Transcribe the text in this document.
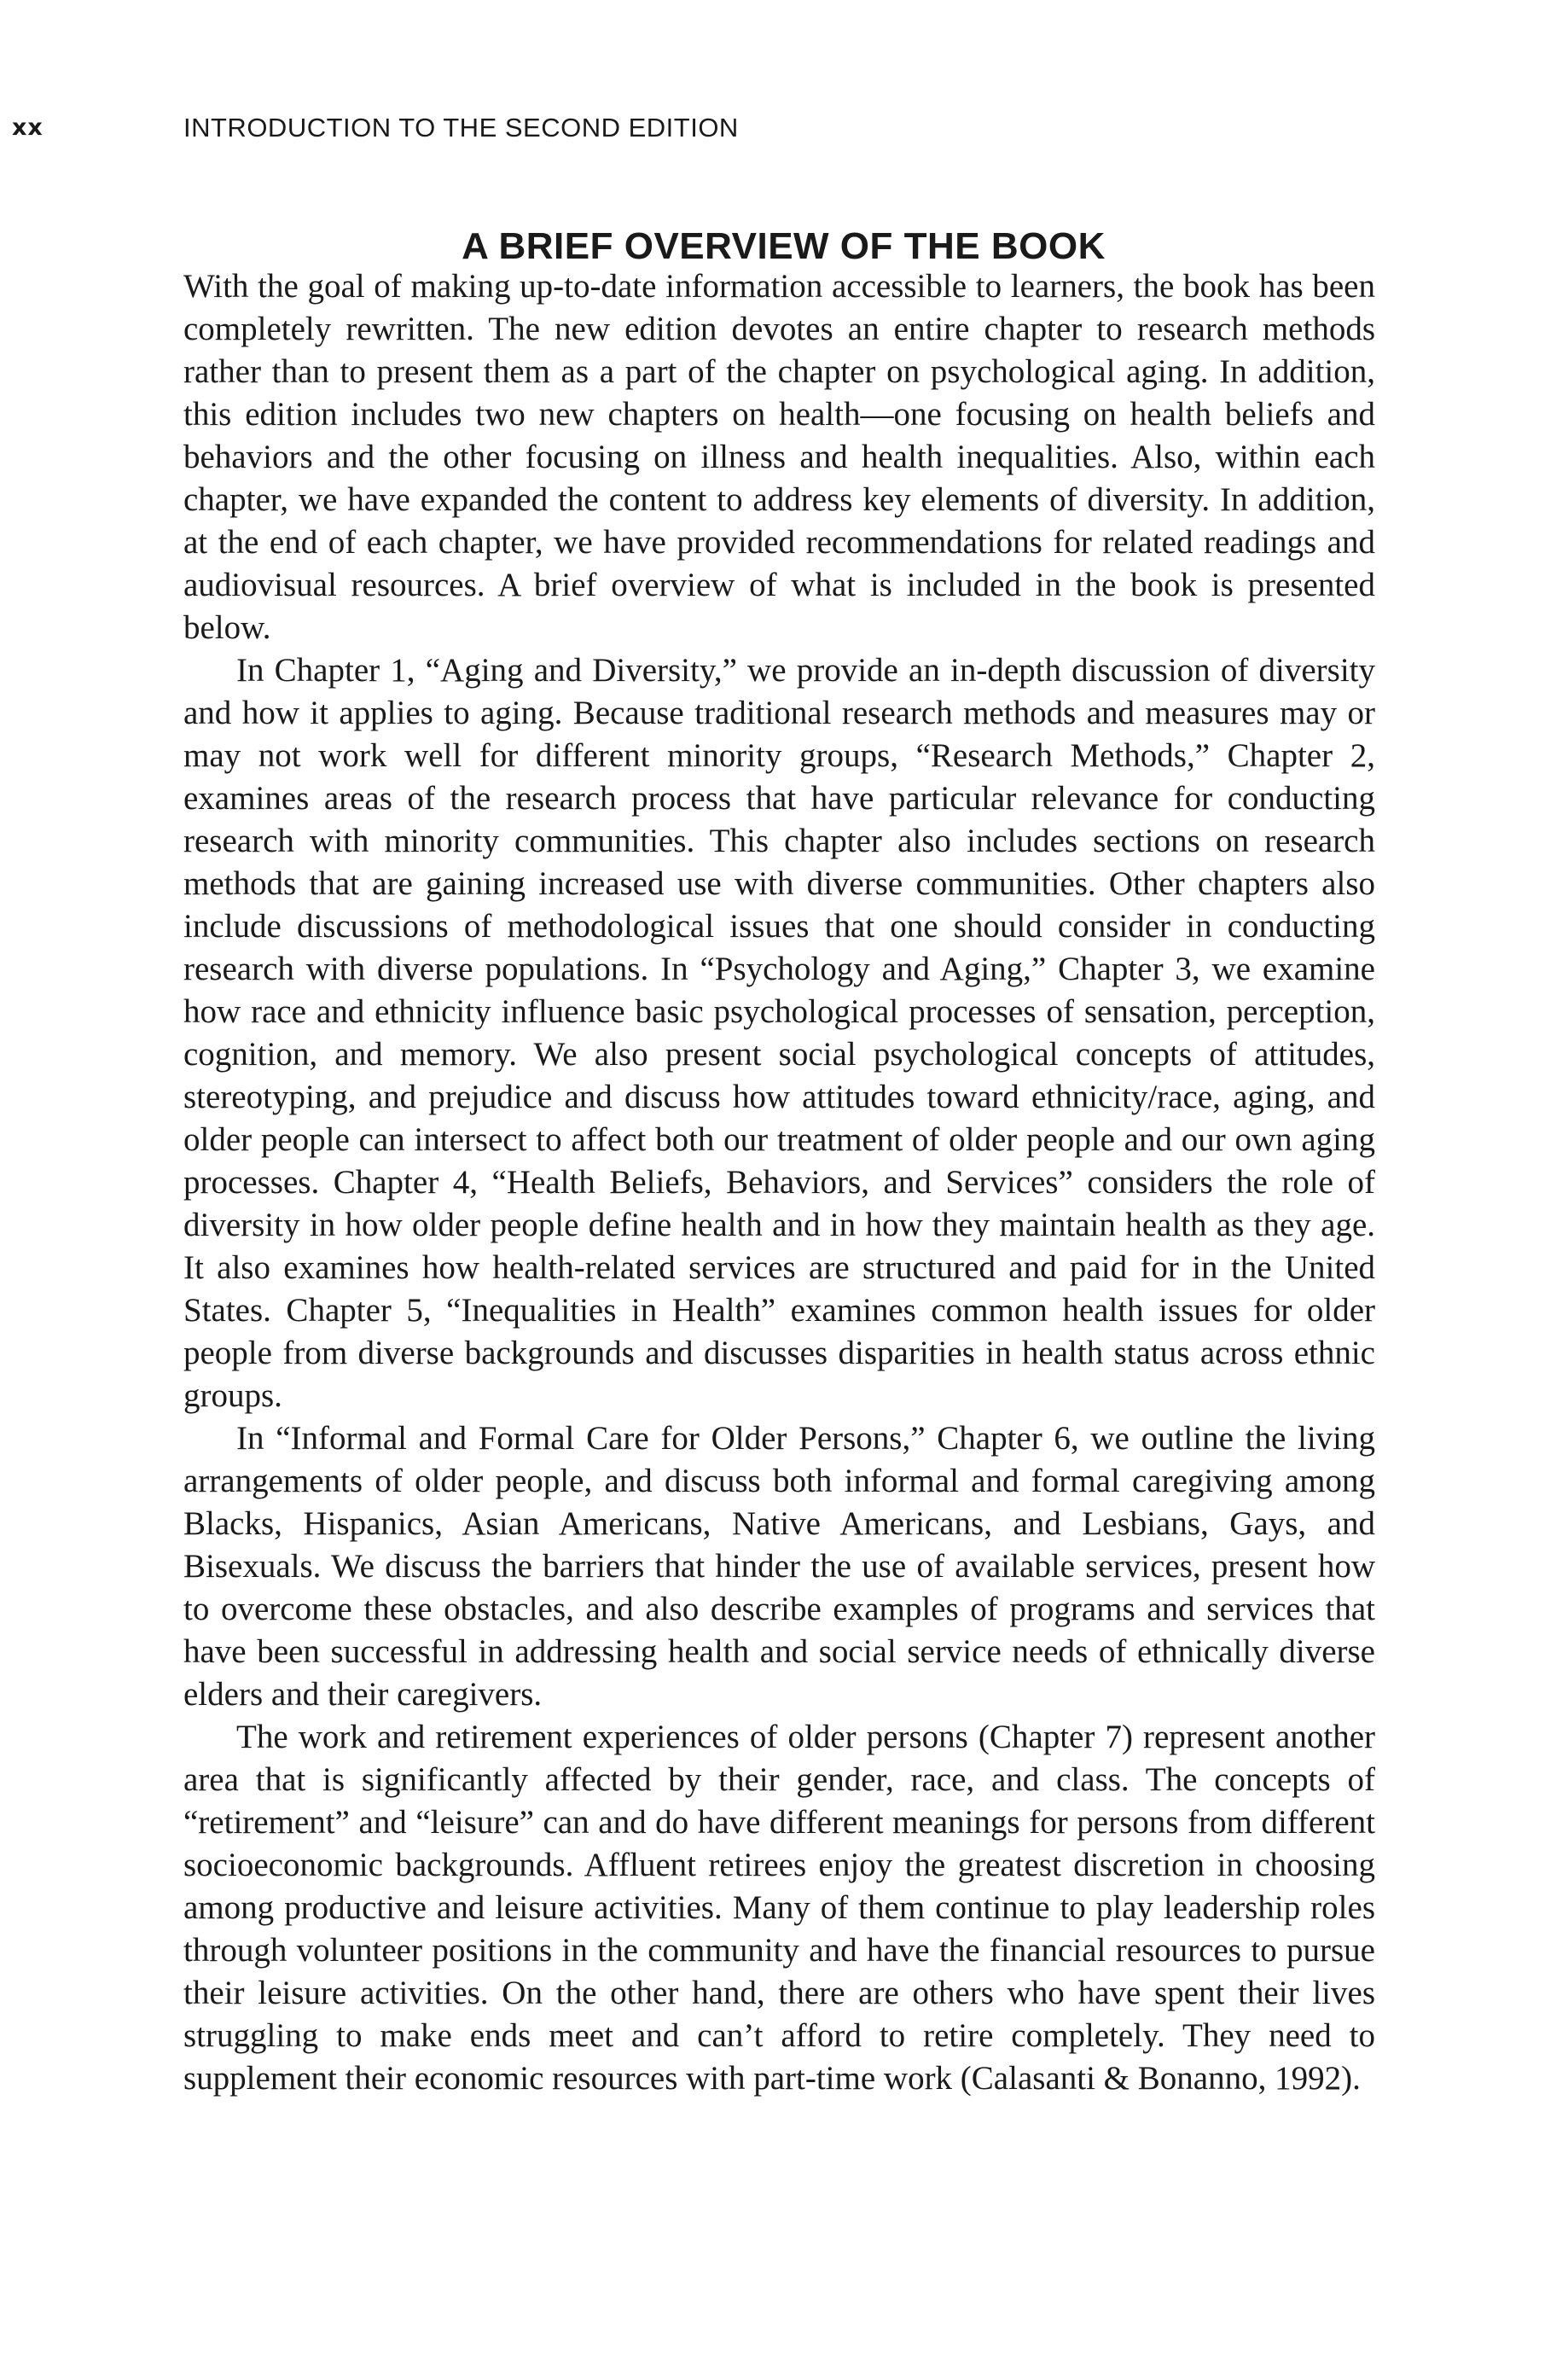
xx	INTRODUCTION TO THE SECOND EDITION
A BRIEF OVERVIEW OF THE BOOK

With the goal of making up-to-date information accessible to learners, the book has been completely rewritten. The new edition devotes an entire chapter to research methods rather than to present them as a part of the chapter on psychological aging. In addition, this edition includes two new chapters on health—one focusing on health beliefs and behaviors and the other focusing on illness and health inequalities. Also, within each chapter, we have expanded the content to address key elements of diversity. In addition, at the end of each chapter, we have provided recommendations for related readings and audiovisual resources. A brief overview of what is included in the book is presented below.

In Chapter 1, “Aging and Diversity,” we provide an in-depth discussion of diversity and how it applies to aging. Because traditional research methods and measures may or may not work well for different minority groups, “Research Methods,” Chapter 2, examines areas of the research process that have particular relevance for conducting research with minority communities. This chapter also includes sections on research methods that are gaining increased use with diverse communities. Other chapters also include discussions of methodological issues that one should consider in conducting research with diverse populations. In “Psychology and Aging,” Chapter 3, we examine how race and ethnicity influence basic psychological processes of sensation, perception, cognition, and memory. We also present social psychological concepts of attitudes, stereotyping, and prejudice and discuss how attitudes toward ethnicity/race, aging, and older people can intersect to affect both our treatment of older people and our own aging processes. Chapter 4, “Health Beliefs, Behaviors, and Services” considers the role of diversity in how older people define health and in how they maintain health as they age. It also examines how health-related services are structured and paid for in the United States. Chapter 5, “Inequalities in Health” examines common health issues for older people from diverse backgrounds and discusses disparities in health status across ethnic groups.

In “Informal and Formal Care for Older Persons,” Chapter 6, we outline the living arrangements of older people, and discuss both informal and formal caregiving among Blacks, Hispanics, Asian Americans, Native Americans, and Lesbians, Gays, and Bisexuals. We discuss the barriers that hinder the use of available services, present how to overcome these obstacles, and also describe examples of programs and services that have been successful in addressing health and social service needs of ethnically diverse elders and their caregivers.

The work and retirement experiences of older persons (Chapter 7) represent another area that is significantly affected by their gender, race, and class. The concepts of “retirement” and “leisure” can and do have different meanings for persons from different socioeconomic backgrounds. Affluent retirees enjoy the greatest discretion in choosing among productive and leisure activities. Many of them continue to play leadership roles through volunteer positions in the community and have the financial resources to pursue their leisure activities. On the other hand, there are others who have spent their lives struggling to make ends meet and can’t afford to retire completely. They need to supplement their economic resources with part-time work (Calasanti & Bonanno, 1992).
